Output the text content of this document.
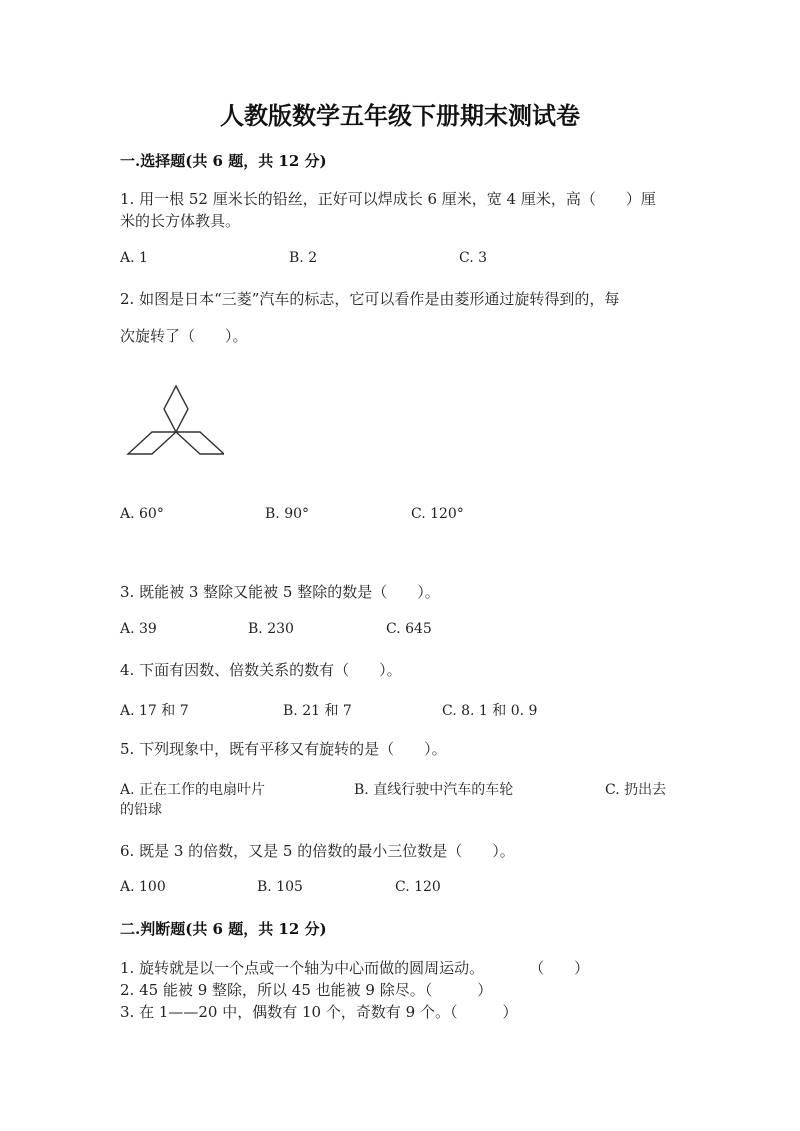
人教版数学五年级下册期末测试卷
一.选择题(共 6 题，共 12 分)
1. 用一根 52 厘米长的铅丝，正好可以焊成长 6 厘米，宽 4 厘米，高（　　）厘
米的长方体教具。
A. 1	B. 2	C. 3
2. 如图是日本“三菱”汽车的标志，它可以看作是由菱形通过旋转得到的，每
次旋转了（　　）。
A. 60°	B. 90°	C. 120°
3. 既能被 3 整除又能被 5 整除的数是（　　）。
A. 39	B. 230	C. 645
4. 下面有因数、倍数关系的数有（　　）。
A. 17 和 7	B. 21 和 7	C. 8. 1 和 0. 9
5. 下列现象中，既有平移又有旋转的是（　　）。
A. 正在工作的电扇叶片	B. 直线行驶中汽车的车轮	C. 扔出去
的铅球
6. 既是 3 的倍数，又是 5 的倍数的最小三位数是（　　）。
A. 100	B. 105	C. 120
二.判断题(共 6 题，共 12 分)
1. 旋转就是以一个点或一个轴为中心而做的圆周运动。　　　　（　　）
2. 45 能被 9 整除，所以 45 也能被 9 除尽。（　　　）
3. 在 1——20 中，偶数有 10 个，奇数有 9 个。（　　　）
